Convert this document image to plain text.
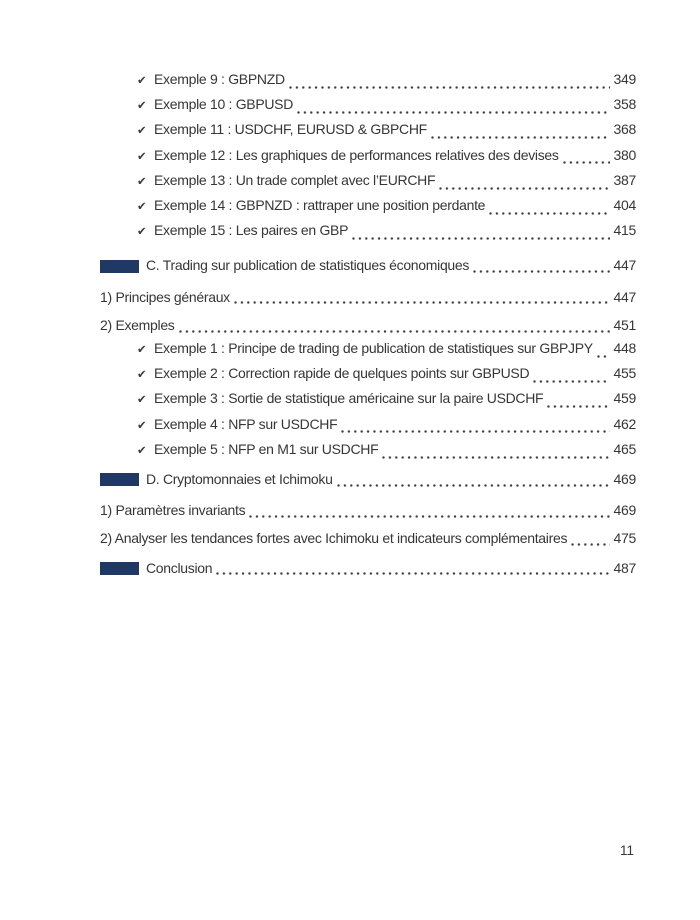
✔ Exemple 9 : GBPNZD	349
✔ Exemple 10 : GBPUSD	358
✔ Exemple 11 : USDCHF, EURUSD & GBPCHF	368
✔ Exemple 12 : Les graphiques de performances relatives des devises	380
✔ Exemple 13 : Un trade complet avec l’EURCHF	387
✔ Exemple 14 : GBPNZD : rattraper une position perdante	404
✔ Exemple 15 : Les paires en GBP	415
C. Trading sur publication de statistiques économiques	447
1) Principes généraux	447
2) Exemples	451
✔ Exemple 1 : Principe de trading de publication de statistiques sur GBPJPY 448
✔ Exemple 2 : Correction rapide de quelques points sur GBPUSD	455
✔ Exemple 3 : Sortie de statistique américaine sur la paire USDCHF	459
✔ Exemple 4 : NFP sur USDCHF	462
✔ Exemple 5 : NFP en M1 sur USDCHF	465
D. Cryptomonnaies et Ichimoku	469
1) Paramètres invariants	469
2) Analyser les tendances fortes avec Ichimoku et indicateurs complémentaires	475
Conclusion	487
11
